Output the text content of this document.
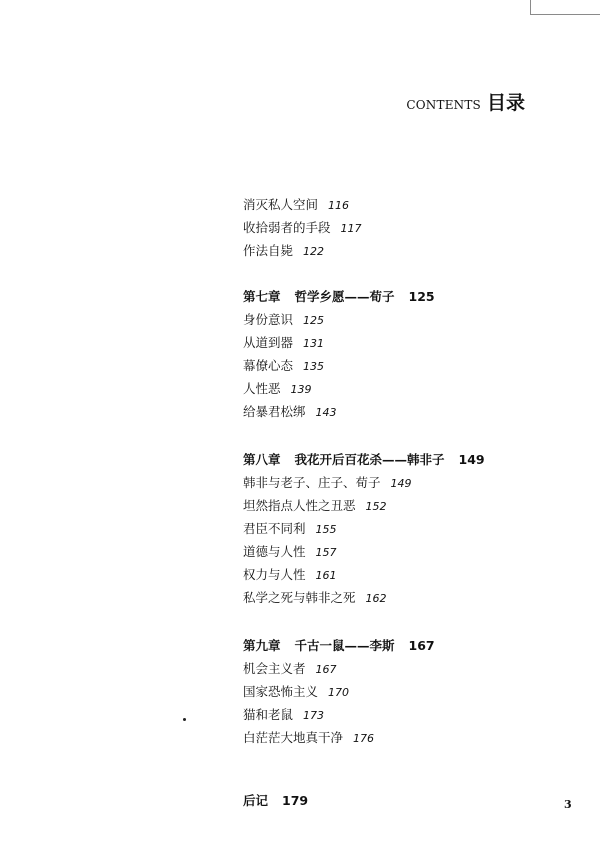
CONTENTS 目录
消灭私人空间 116
收拾弱者的手段 117
作法自毙 122
第七章 哲学乡愿——荀子 125
身份意识 125
从道到器 131
幕僚心态 135
人性恶 139
给暴君松绑 143
第八章 我花开后百花杀——韩非子 149
韩非与老子、庄子、荀子 149
坦然指点人性之丑恶 152
君臣不同利 155
道德与人性 157
权力与人性 161
私学之死与韩非之死 162
第九章 千古一鼠——李斯 167
机会主义者 167
国家恐怖主义 170
猫和老鼠 173
白茫茫大地真干净 176
后记 179	3
